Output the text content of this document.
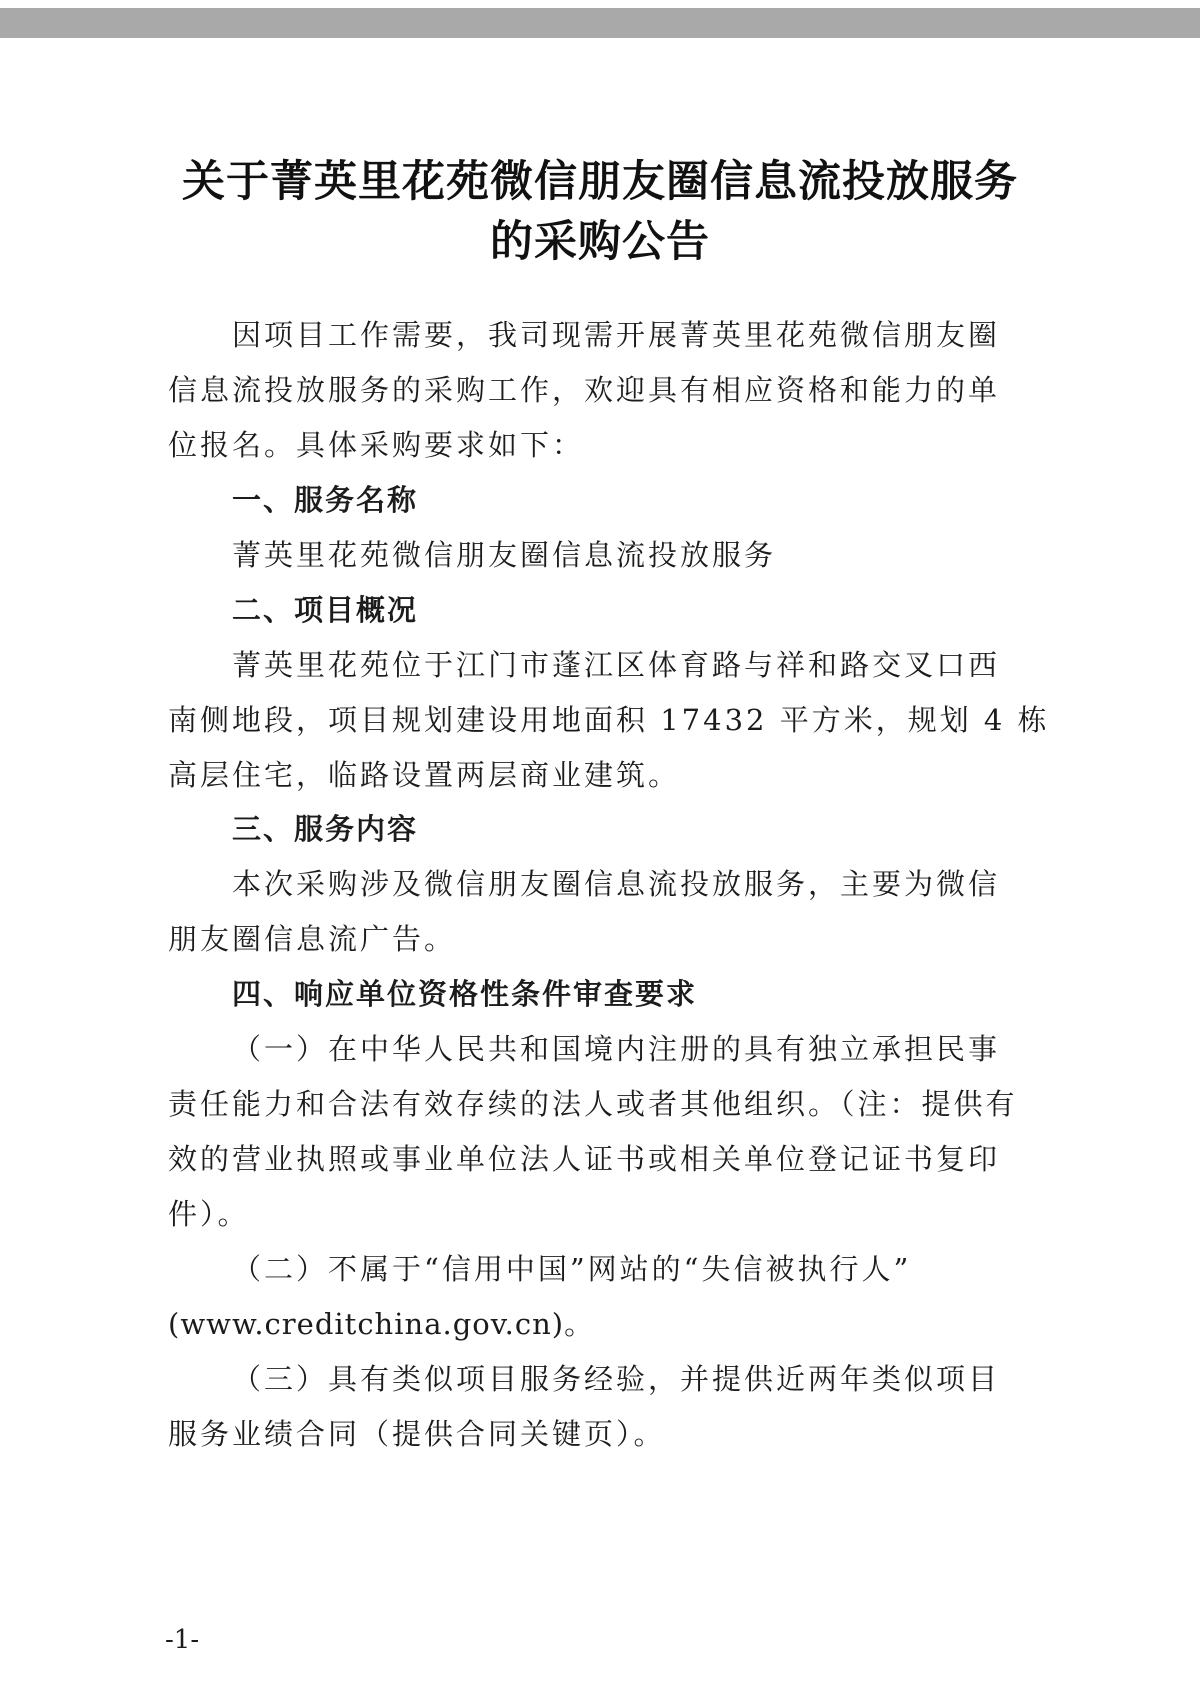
关于菁英里花苑微信朋友圈信息流投放服务
的采购公告

因项目工作需要，我司现需开展菁英里花苑微信朋友圈

信息流投放服务的采购工作，欢迎具有相应资格和能力的单

位报名。具体采购要求如下：

一、服务名称

菁英里花苑微信朋友圈信息流投放服务

二、项目概况

菁英里花苑位于江门市蓬江区体育路与祥和路交叉口西

南侧地段，项目规划建设用地面积 17432 平方米，规划 4 栋

高层住宅，临路设置两层商业建筑。

三、服务内容

本次采购涉及微信朋友圈信息流投放服务，主要为微信

朋友圈信息流广告。

四、响应单位资格性条件审查要求

（一）在中华人民共和国境内注册的具有独立承担民事

责任能力和合法有效存续的法人或者其他组织。（注：提供有

效的营业执照或事业单位法人证书或相关单位登记证书复印

件）。

（二）不属于“信用中国”网站的“失信被执行人”

(www.creditchina.gov.cn)。

（三）具有类似项目服务经验，并提供近两年类似项目

服务业绩合同（提供合同关键页）。

-1-
